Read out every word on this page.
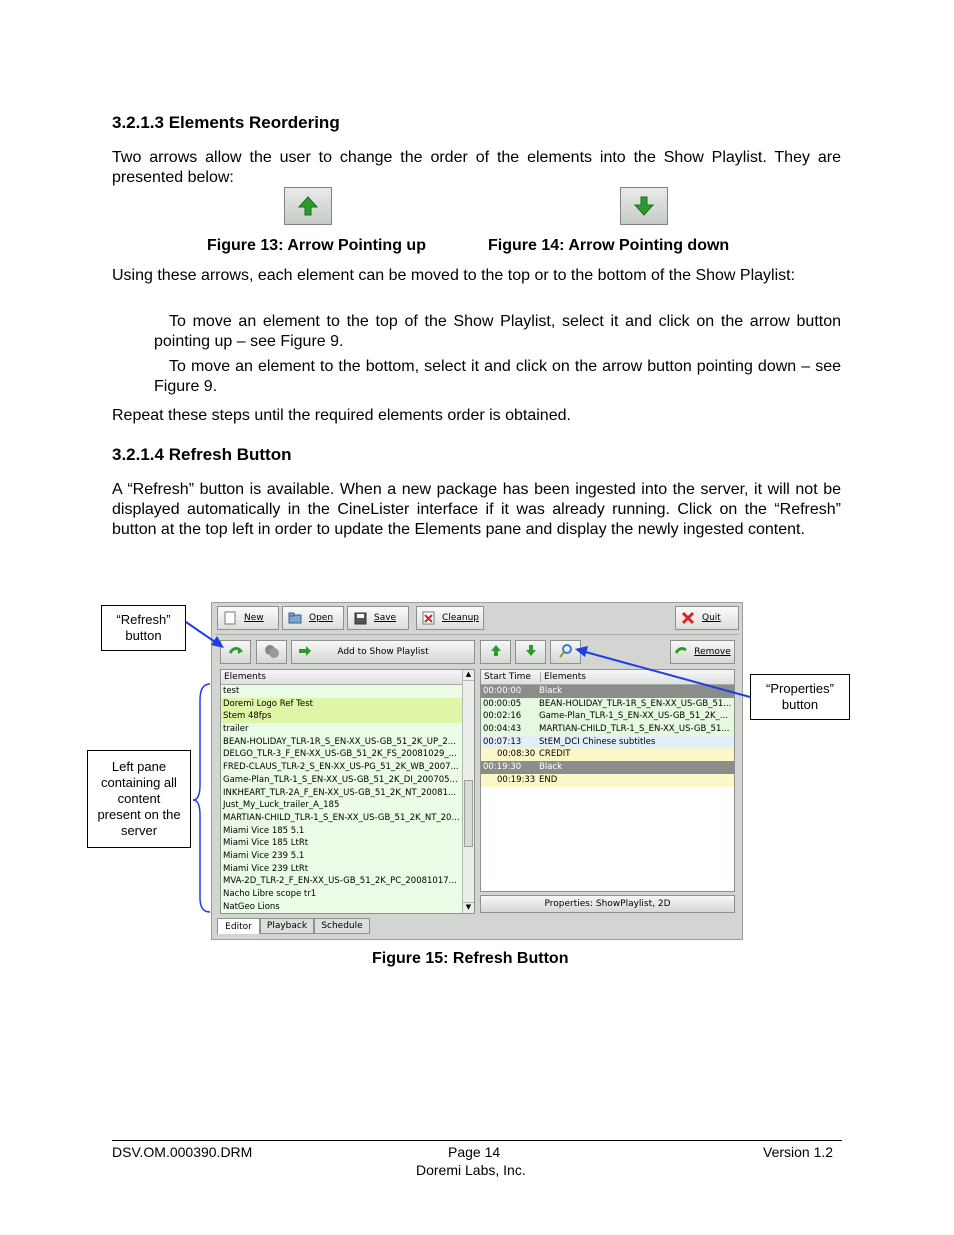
3.2.1.3 Elements Reordering
Two arrows allow the user to change the order of the elements into the Show Playlist. They are presented below:
Figure 13: Arrow Pointing up	Figure 14: Arrow Pointing down
Using these arrows, each element can be moved to the top or to the bottom of the Show Playlist:
To move an element to the top of the Show Playlist, select it and click on the arrow button pointing up – see Figure 9.
To move an element to the bottom, select it and click on the arrow button pointing down – see Figure 9.
Repeat these steps until the required elements order is obtained.
3.2.1.4 Refresh Button
A “Refresh” button is available. When a new package has been ingested into the server, it will not be displayed automatically in the CineLister interface if it was already running. Click on the “Refresh” button at the top left in order to update the Elements pane and display the newly ingested content.
New	Open	Save	Cleanup	Quit
Add to Show Playlist	Remove
Elements
test
Doremi Logo Ref Test
Stem 48fps
trailer
BEAN-HOLIDAY_TLR-1R_S_EN-XX_US-GB_51_2K_UP_2...
DELGO_TLR-3_F_EN-XX_US-GB_51_2K_FS_20081029_...
FRED-CLAUS_TLR-2_S_EN-XX_US-PG_51_2K_WB_2007...
Game-Plan_TLR-1_S_EN-XX_US-GB_51_2K_DI_200705...
INKHEART_TLR-2A_F_EN-XX_US-GB_51_2K_NT_20081...
Just_My_Luck_trailer_A_185
MARTIAN-CHILD_TLR-1_S_EN-XX_US-GB_51_2K_NT_20...
Miami Vice 185 5.1
Miami Vice 185 LtRt
Miami Vice 239 5.1
Miami Vice 239 LtRt
MVA-2D_TLR-2_F_EN-XX_US-GB_51_2K_PC_20081017...
Nacho Libre scope tr1
NatGeo Lions
▲
▼
Start Time	Elements
00:00:00	Black
00:00:05	BEAN-HOLIDAY_TLR-1R_S_EN-XX_US-GB_51...
00:02:16	Game-Plan_TLR-1_S_EN-XX_US-GB_51_2K_...
00:04:43	MARTIAN-CHILD_TLR-1_S_EN-XX_US-GB_51...
00:07:13	StEM_DCI Chinese subtitles
00:08:30 CREDIT
00:19:30	Black
00:19:33 END
Properties: ShowPlaylist, 2D
Editor	Playback	Schedule
“Refresh” button
“Properties” button
Left pane containing all content present on the server
Figure 15: Refresh Button
DSV.OM.000390.DRM	Page 14
Doremi Labs, Inc.
Version 1.2
